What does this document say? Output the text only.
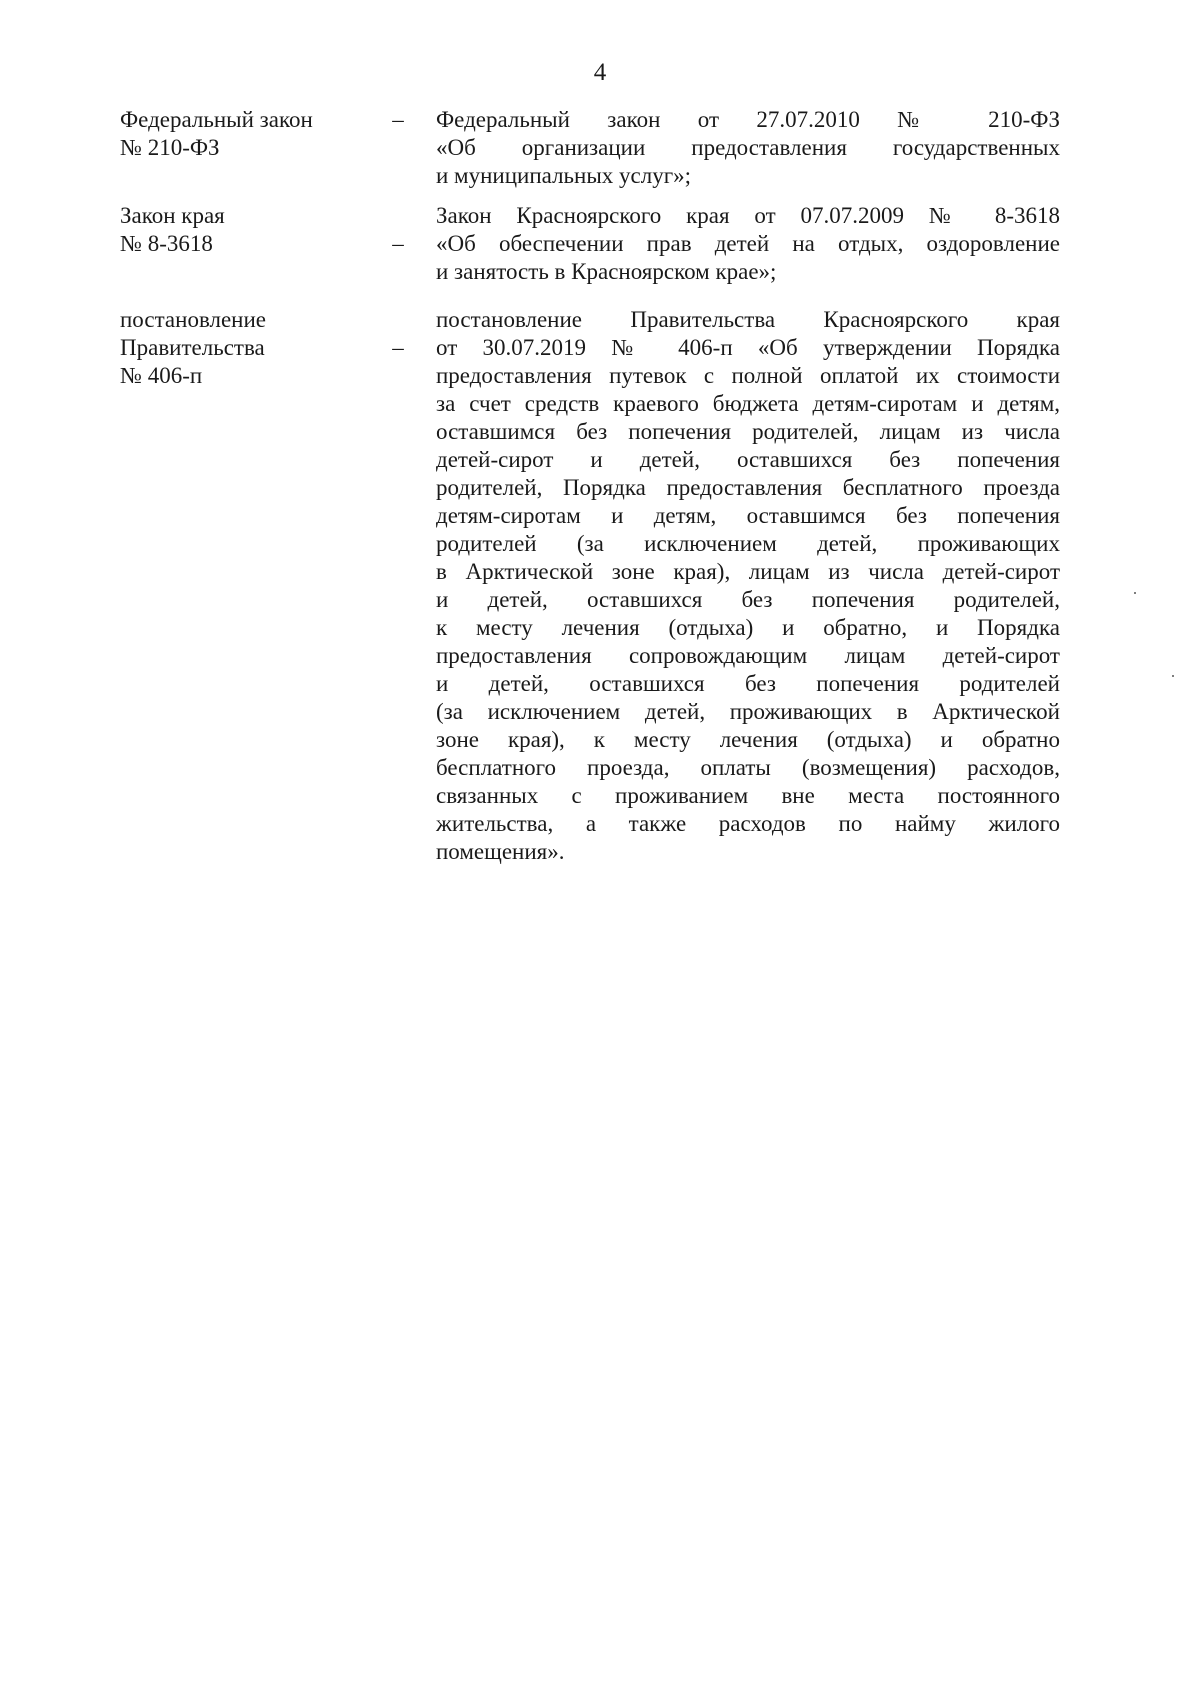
4
Федеральный закон
№ 210-ФЗ
– Федеральный закон от 27.07.2010 № 210-ФЗ
«Об организации предоставления государственных
и муниципальных услуг»;
Закон края
№ 8-3618	–
Закон Красноярского края от 07.07.2009 № 8-3618
«Об обеспечении прав детей на отдых, оздоровление
и занятость в Красноярском крае»;
постановление
Правительства
№ 406-п
–
постановление Правительства Красноярского края
от 30.07.2019 № 406-п «Об утверждении Порядка
предоставления путевок с полной оплатой их стоимости
за счет средств краевого бюджета детям-сиротам и детям,
оставшимся без попечения родителей, лицам из числа
детей-сирот и детей, оставшихся без попечения
родителей, Порядка предоставления бесплатного проезда
детям-сиротам и детям, оставшимся без попечения
родителей (за исключением детей, проживающих
в Арктической зоне края), лицам из числа детей-сирот
и детей, оставшихся без попечения родителей,
к месту лечения (отдыха) и обратно, и Порядка
предоставления сопровождающим лицам детей-сирот
и детей, оставшихся без попечения родителей
(за исключением детей, проживающих в Арктической
зоне края), к месту лечения (отдыха) и обратно
бесплатного проезда, оплаты (возмещения) расходов,
связанных с проживанием вне места постоянного
жительства, а также расходов по найму жилого
помещения».
